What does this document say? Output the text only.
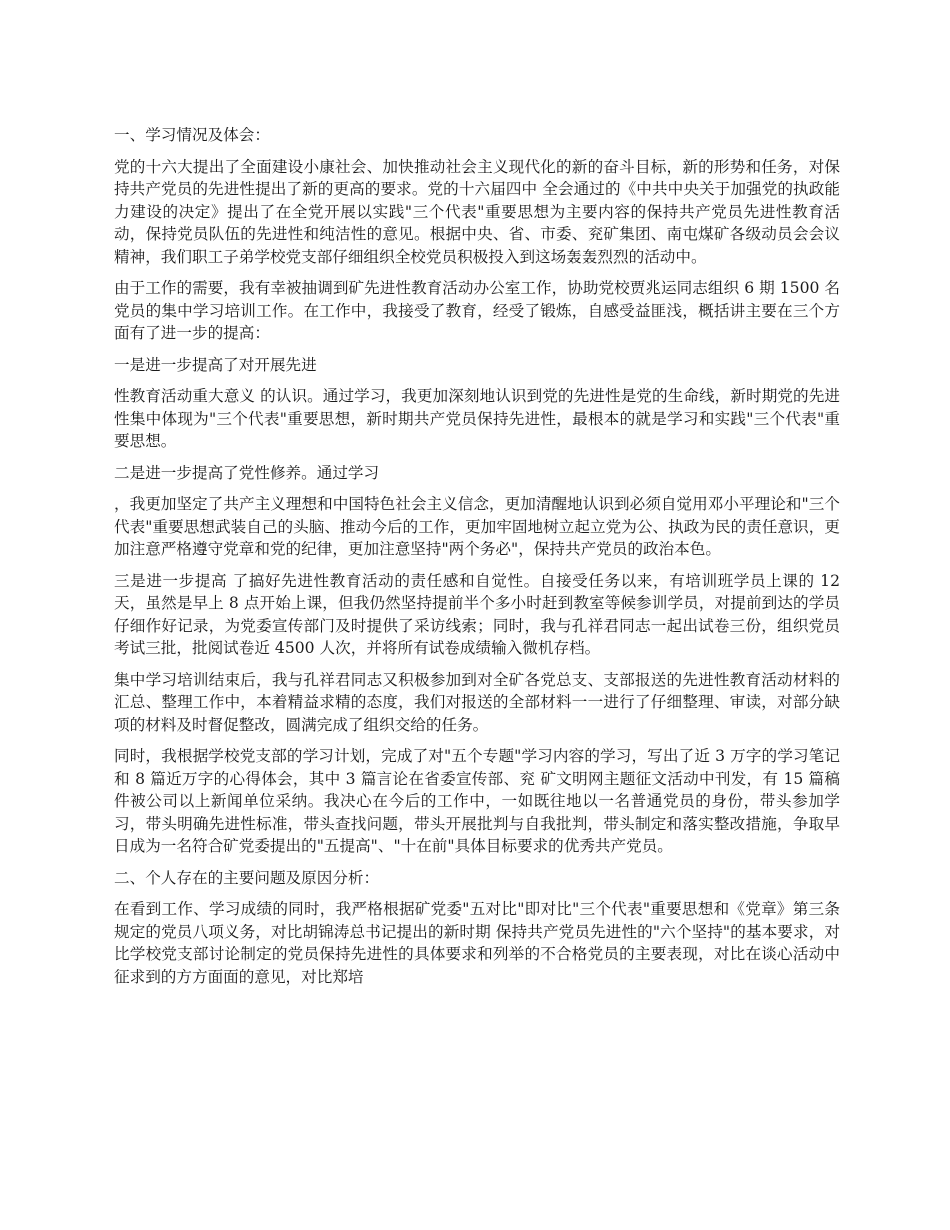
一、学习情况及体会：

党的十六大提出了全面建设小康社会、加快推动社会主义现代化的新的奋斗目标，新的形势和任务，对保持共产党员的先进性提出了新的更高的要求。党的十六届四中 全会通过的《中共中央关于加强党的执政能力建设的决定》提出了在全党开展以实践"三个代表"重要思想为主要内容的保持共产党员先进性教育活动，保持党员队伍的先进性和纯洁性的意见。根据中央、省、市委、兖矿集团、南屯煤矿各级动员会会议精神，我们职工子弟学校党支部仔细组织全校党员积极投入到这场轰轰烈烈的活动中。

由于工作的需要，我有幸被抽调到矿先进性教育活动办公室工作，协助党校贾兆运同志组织 6 期 1500 名党员的集中学习培训工作。在工作中，我接受了教育，经受了锻炼，自感受益匪浅，概括讲主要在三个方面有了进一步的提高：

一是进一步提高了对开展先进

性教育活动重大意义 的认识。通过学习，我更加深刻地认识到党的先进性是党的生命线，新时期党的先进性集中体现为"三个代表"重要思想，新时期共产党员保持先进性，最根本的就是学习和实践"三个代表"重要思想。

二是进一步提高了党性修养。通过学习

，我更加坚定了共产主义理想和中国特色社会主义信念，更加清醒地认识到必须自觉用邓小平理论和"三个代表"重要思想武装自己的头脑、推动今后的工作，更加牢固地树立起立党为公、执政为民的责任意识，更加注意严格遵守党章和党的纪律，更加注意坚持"两个务必"，保持共产党员的政治本色。

三是进一步提高 了搞好先进性教育活动的责任感和自觉性。自接受任务以来，有培训班学员上课的 12 天，虽然是早上 8 点开始上课，但我仍然坚持提前半个多小时赶到教室等候参训学员，对提前到达的学员仔细作好记录，为党委宣传部门及时提供了采访线索；同时，我与孔祥君同志一起出试卷三份，组织党员考试三批，批阅试卷近 4500 人次，并将所有试卷成绩输入微机存档。

集中学习培训结束后，我与孔祥君同志又积极参加到对全矿各党总支、支部报送的先进性教育活动材料的汇总、整理工作中，本着精益求精的态度，我们对报送的全部材料一一进行了仔细整理、审读，对部分缺项的材料及时督促整改，圆满完成了组织交给的任务。

同时，我根据学校党支部的学习计划，完成了对"五个专题"学习内容的学习，写出了近 3 万字的学习笔记和 8 篇近万字的心得体会，其中 3 篇言论在省委宣传部、兖 矿文明网主题征文活动中刊发，有 15 篇稿件被公司以上新闻单位采纳。我决心在今后的工作中，一如既往地以一名普通党员的身份，带头参加学习，带头明确先进性标准，带头查找问题，带头开展批判与自我批判，带头制定和落实整改措施，争取早日成为一名符合矿党委提出的"五提高"、"十在前"具体目标要求的优秀共产党员。

二、个人存在的主要问题及原因分析：

在看到工作、学习成绩的同时，我严格根据矿党委"五对比"即对比"三个代表"重要思想和《党章》第三条规定的党员八项义务，对比胡锦涛总书记提出的新时期 保持共产党员先进性的"六个坚持"的基本要求，对比学校党支部讨论制定的党员保持先进性的具体要求和列举的不合格党员的主要表现，对比在谈心活动中征求到的方方面面的意见，对比郑培
